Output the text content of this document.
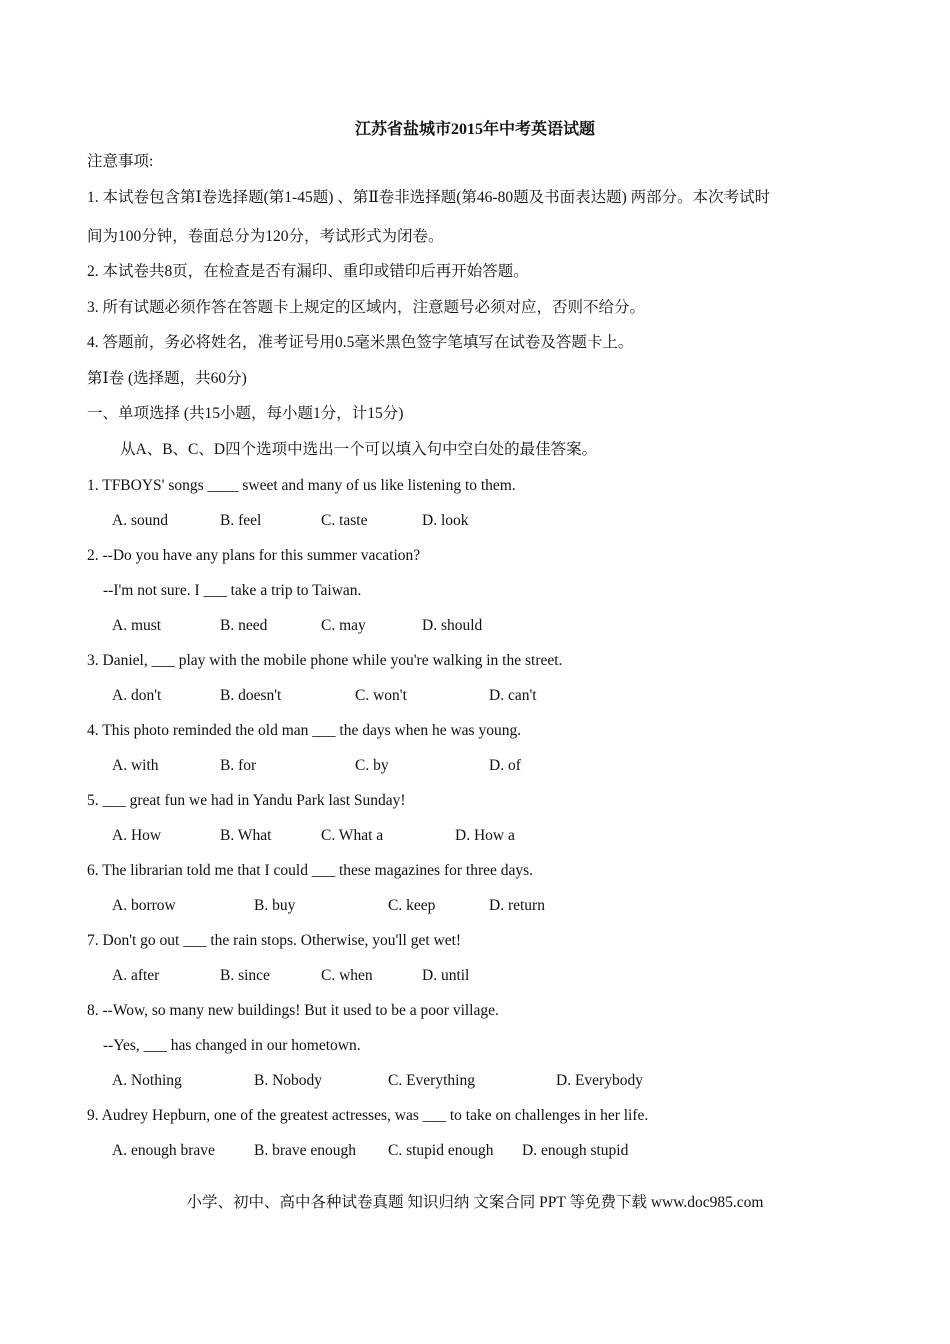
江苏省盐城市2015年中考英语试题
注意事项:
1. 本试卷包含第Ⅰ卷选择题(第1-45题) 、第Ⅱ卷非选择题(第46-80题及书面表达题) 两部分。本次考试时
间为100分钟，卷面总分为120分，考试形式为闭卷。
2. 本试卷共8页，在检查是否有漏印、重印或错印后再开始答题。
3. 所有试题必须作答在答题卡上规定的区域内，注意题号必须对应，否则不给分。
4. 答题前，务必将姓名，准考证号用0.5毫米黑色签字笔填写在试卷及答题卡上。
第Ⅰ卷 (选择题，共60分)
一、单项选择 (共15小题，每小题1分，计15分)
从A、B、C、D四个选项中选出一个可以填入句中空白处的最佳答案。
1. TFBOYS' songs ____ sweet and many of us like listening to them.
A. sound	B. feel	C. taste	D. look
2. --Do you have any plans for this summer vacation?
--I'm not sure. I ___ take a trip to Taiwan.
A. must	B. need	C. may	D. should
3. Daniel, ___ play with the mobile phone while you're walking in the street.
A. don't	B. doesn't	C. won't	D. can't
4. This photo reminded the old man ___ the days when he was young.
A. with	B. for	C. by	D. of
5. ___ great fun we had in Yandu Park last Sunday!
A. How	B. What	C. What a	D. How a
6. The librarian told me that I could ___ these magazines for three days.
A. borrow	B. buy	C. keep	D. return
7. Don't go out ___ the rain stops. Otherwise, you'll get wet!
A. after	B. since	C. when	D. until
8. --Wow, so many new buildings! But it used to be a poor village.
--Yes, ___ has changed in our hometown.
A. Nothing	B. Nobody	C. Everything	D. Everybody
9. Audrey Hepburn, one of the greatest actresses, was ___ to take on challenges in her life.
A. enough brave	B. brave enough C. stupid enough D. enough stupid
小学、初中、高中各种试卷真题 知识归纳 文案合同 PPT 等免费下载 www.doc985.com
